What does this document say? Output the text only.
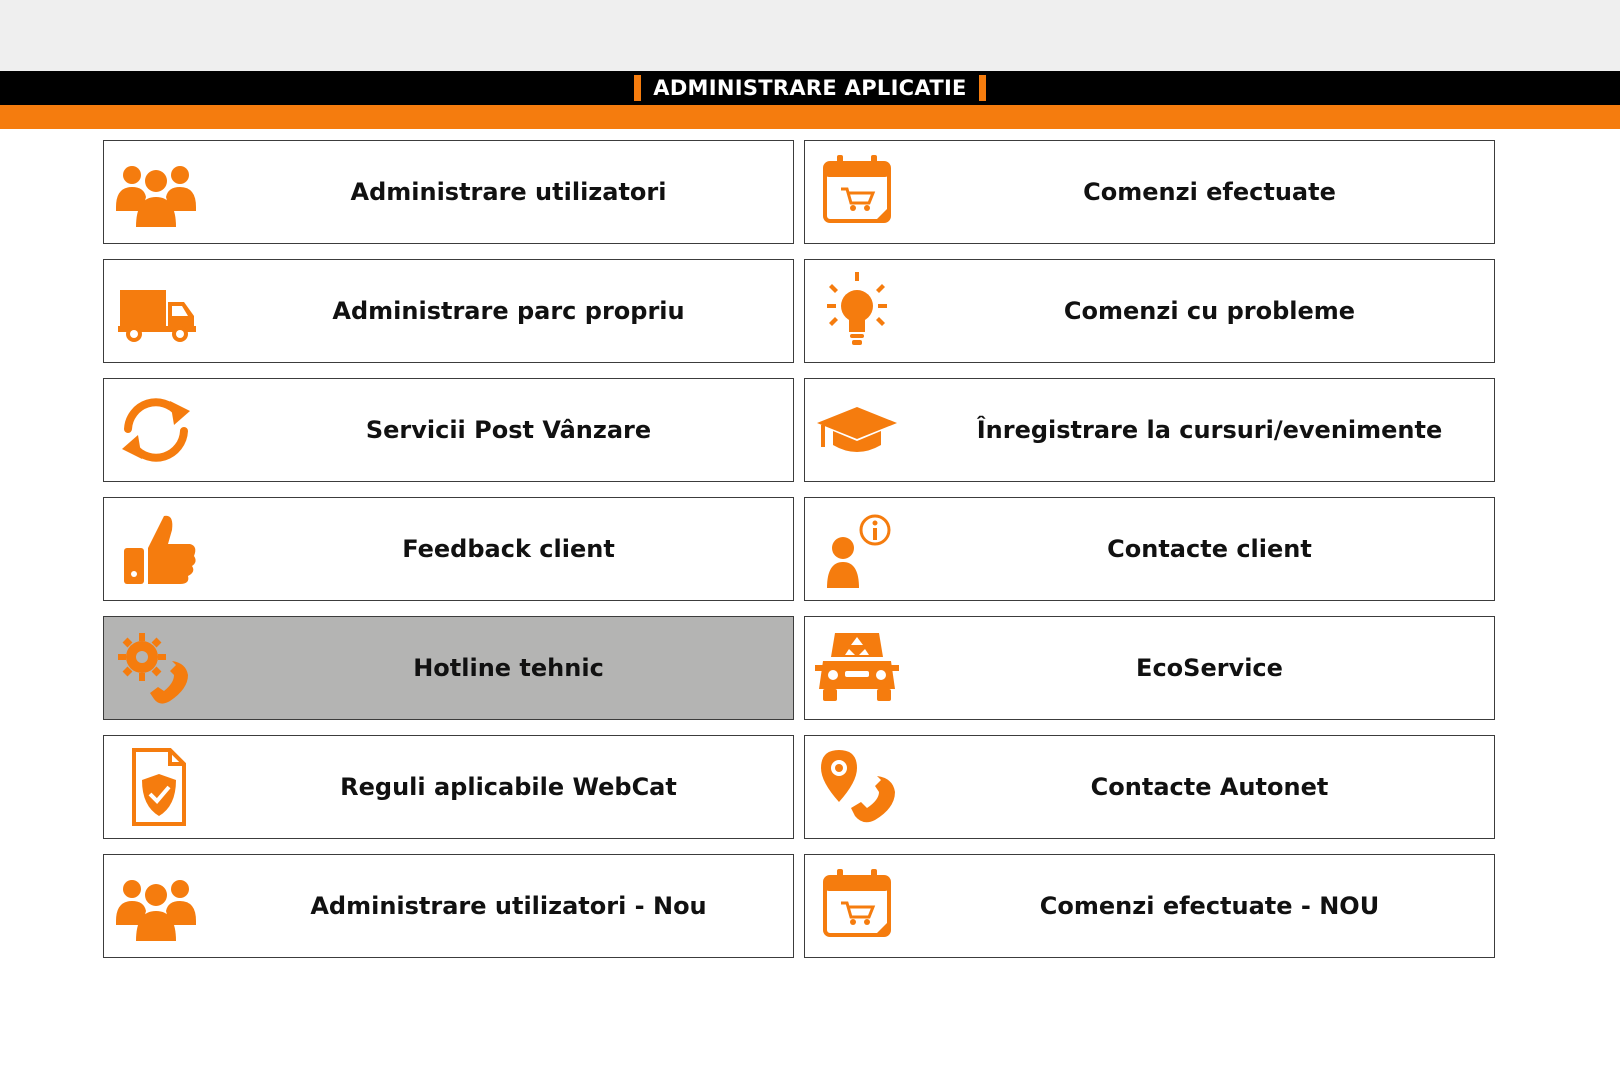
ADMINISTRARE APLICATIE
Administrare utilizatori	Comenzi efectuate
Administrare parc propriu	Comenzi cu probleme
Servicii Post Vânzare	Înregistrare la cursuri/evenimente
Feedback client	Contacte client
Hotline tehnic	EcoService
Reguli aplicabile WebCat	Contacte Autonet
Administrare utilizatori - Nou	Comenzi efectuate - NOU
